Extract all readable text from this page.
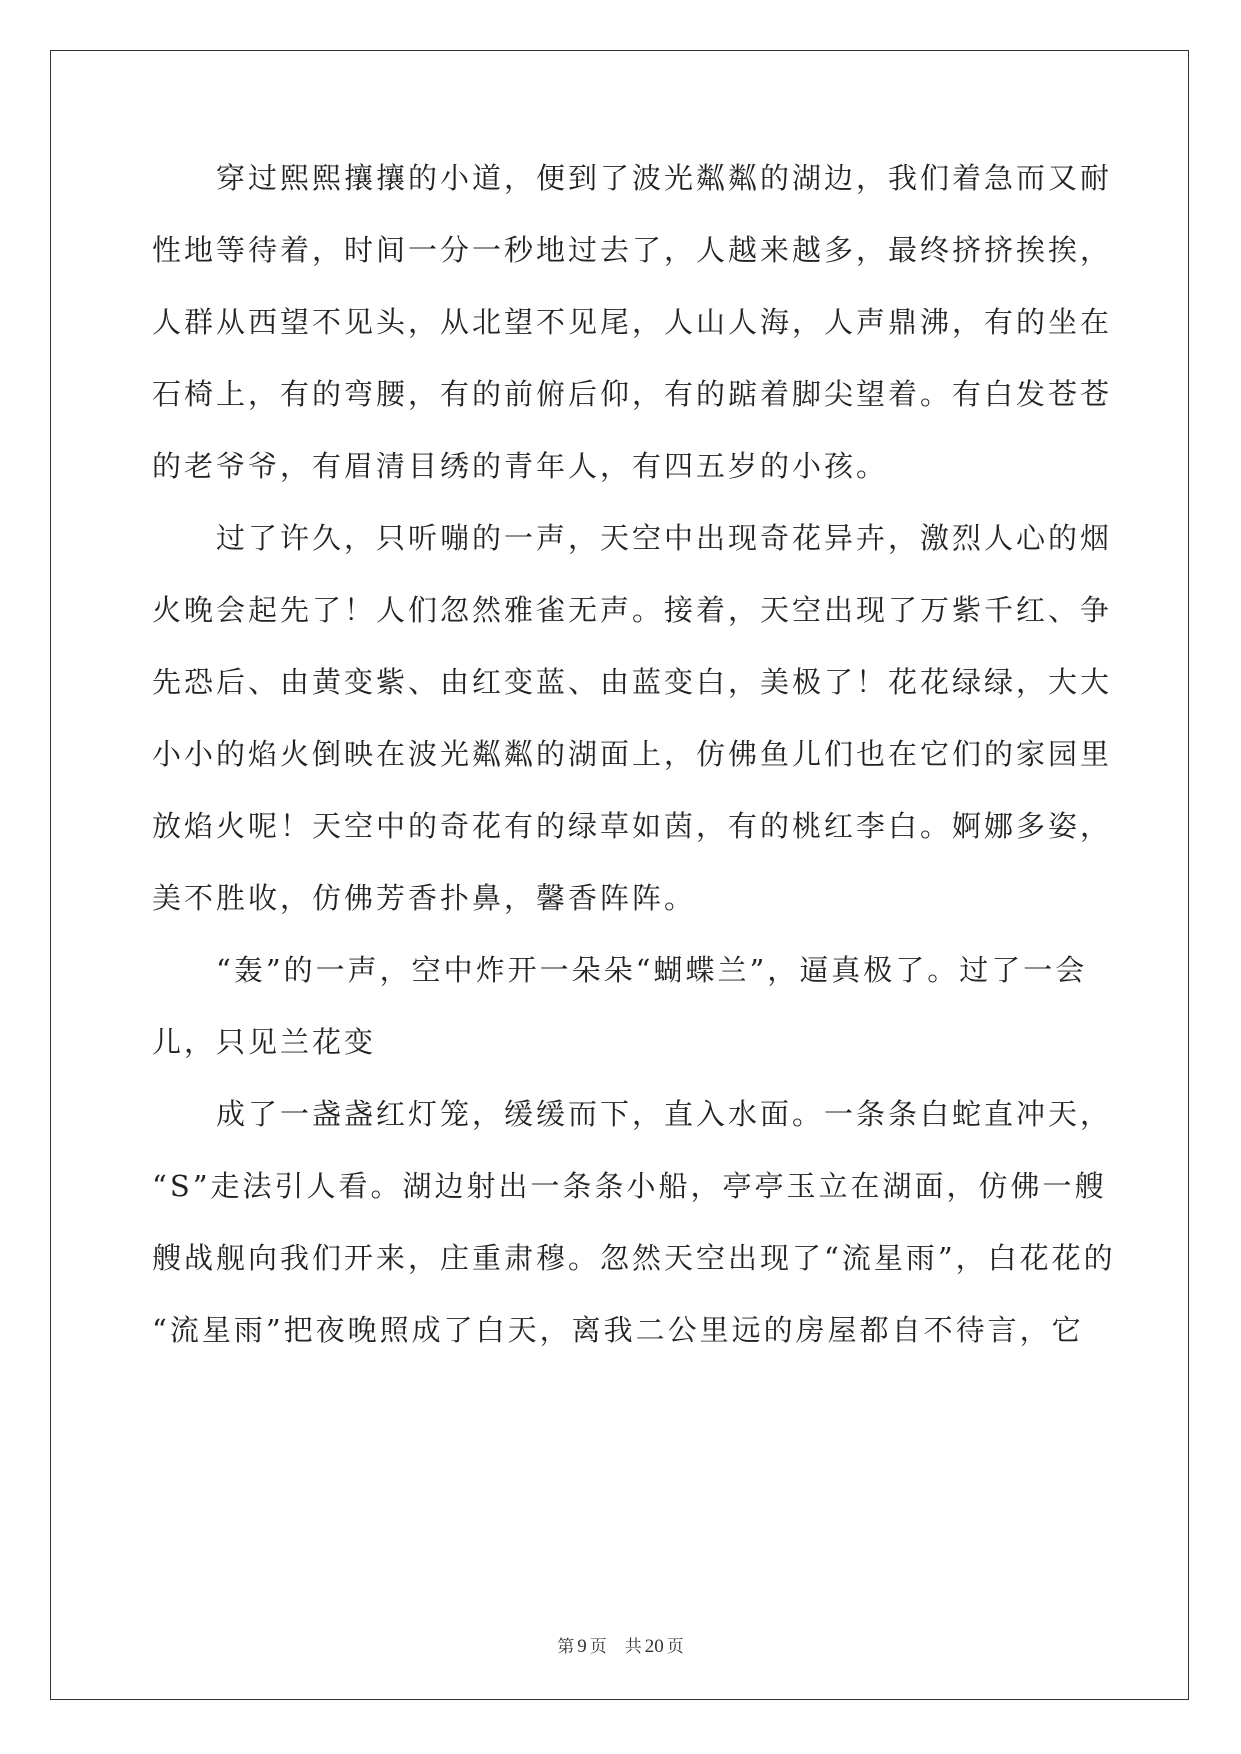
　　穿过熙熙攘攘的小道，便到了波光粼粼的湖边，我们着急而又耐
性地等待着，时间一分一秒地过去了，人越来越多，最终挤挤挨挨，
人群从西望不见头，从北望不见尾，人山人海，人声鼎沸，有的坐在
石椅上，有的弯腰，有的前俯后仰，有的踮着脚尖望着。有白发苍苍
的老爷爷，有眉清目绣的青年人，有四五岁的小孩。
　　过了许久，只听嘣的一声，天空中出现奇花异卉，激烈人心的烟
火晚会起先了！人们忽然雅雀无声。接着，天空出现了万紫千红、争
先恐后、由黄变紫、由红变蓝、由蓝变白，美极了！花花绿绿，大大
小小的焰火倒映在波光粼粼的湖面上，仿佛鱼儿们也在它们的家园里
放焰火呢！天空中的奇花有的绿草如茵，有的桃红李白。婀娜多姿，
美不胜收，仿佛芳香扑鼻，馨香阵阵。
　　“轰”的一声，空中炸开一朵朵“蝴蝶兰”，逼真极了。过了一会
儿，只见兰花变
　　成了一盏盏红灯笼，缓缓而下，直入水面。一条条白蛇直冲天，
“S”走法引人看。湖边射出一条条小船，亭亭玉立在湖面，仿佛一艘
艘战舰向我们开来，庄重肃穆。忽然天空出现了“流星雨”，白花花的
“流星雨”把夜晚照成了白天，离我二公里远的房屋都自不待言，它
第 9 页 共 20 页
